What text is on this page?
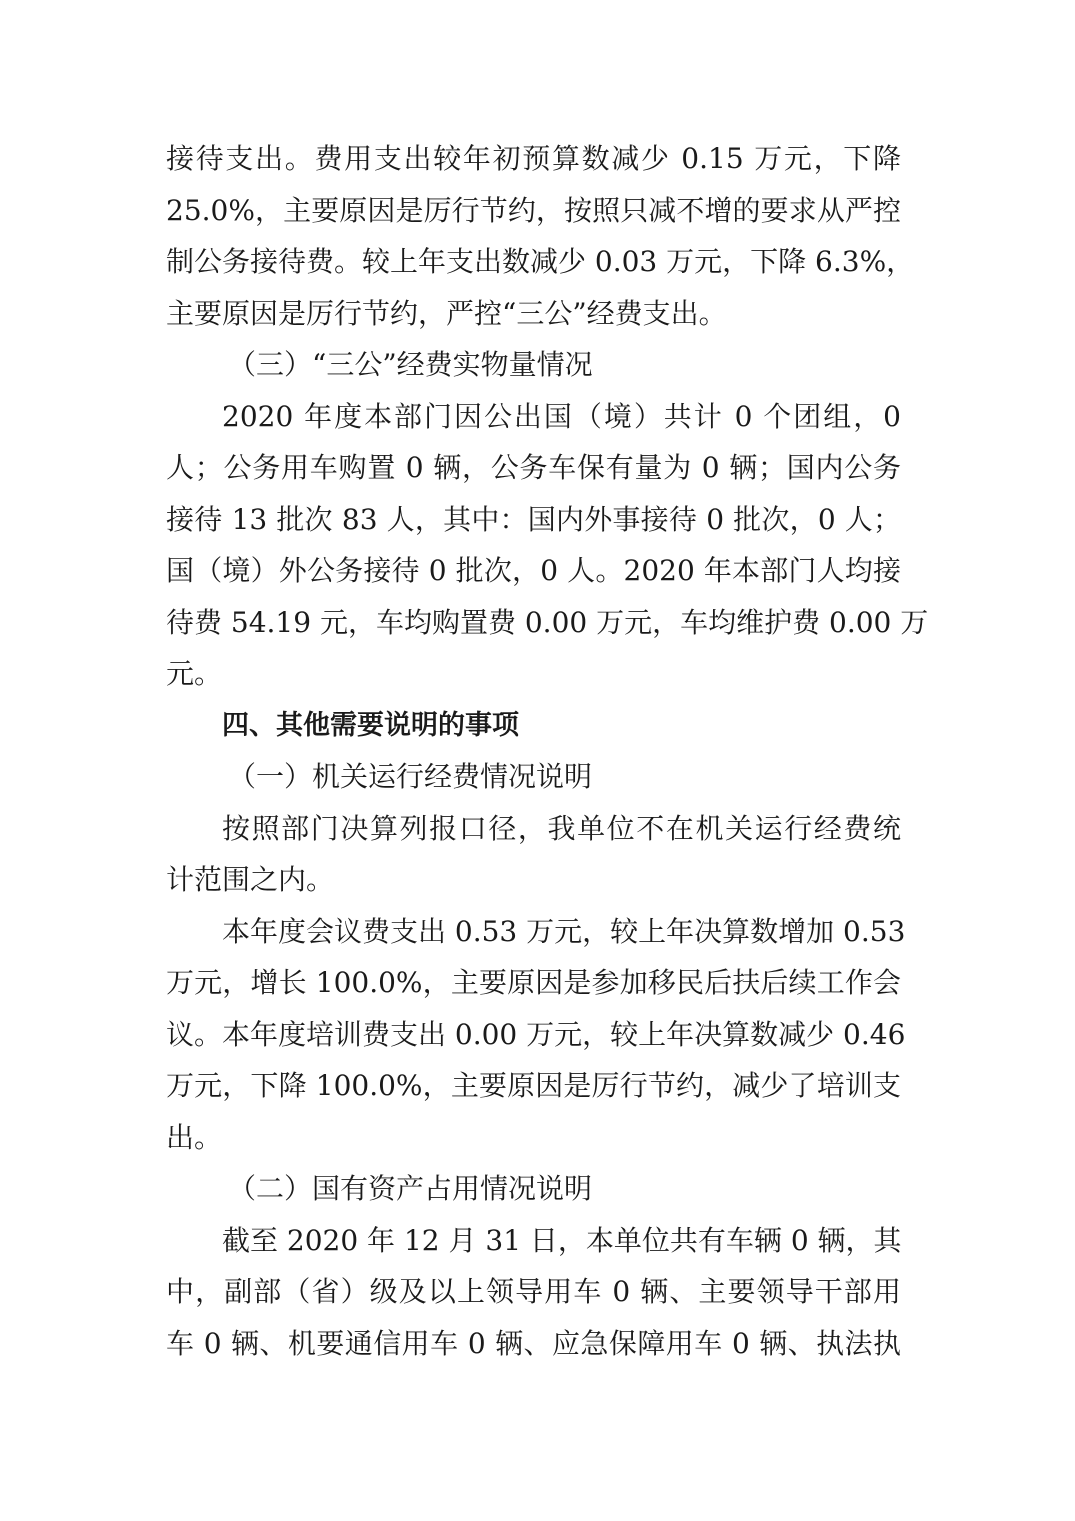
接待支出。费用支出较年初预算数减少 0.15 万元，下降
25.0%，主要原因是厉行节约，按照只减不增的要求从严控
制公务接待费。较上年支出数减少 0.03 万元，下降 6.3%，
主要原因是厉行节约，严控“三公”经费支出。
（三）“三公”经费实物量情况
2020 年度本部门因公出国（境）共计 0 个团组，0
人；公务用车购置 0 辆，公务车保有量为 0 辆；国内公务
接待 13 批次 83 人，其中：国内外事接待 0 批次，0 人；
国（境）外公务接待 0 批次，0 人。2020 年本部门人均接
待费 54.19 元，车均购置费 0.00 万元，车均维护费 0.00 万
元。
四、其他需要说明的事项
（一）机关运行经费情况说明
按照部门决算列报口径，我单位不在机关运行经费统
计范围之内。
本年度会议费支出 0.53 万元，较上年决算数增加 0.53
万元，增长 100.0%，主要原因是参加移民后扶后续工作会
议。本年度培训费支出 0.00 万元，较上年决算数减少 0.46
万元，下降 100.0%，主要原因是厉行节约，减少了培训支
出。
（二）国有资产占用情况说明
截至 2020 年 12 月 31 日，本单位共有车辆 0 辆，其
中，副部（省）级及以上领导用车 0 辆、主要领导干部用
车 0 辆、机要通信用车 0 辆、应急保障用车 0 辆、执法执
